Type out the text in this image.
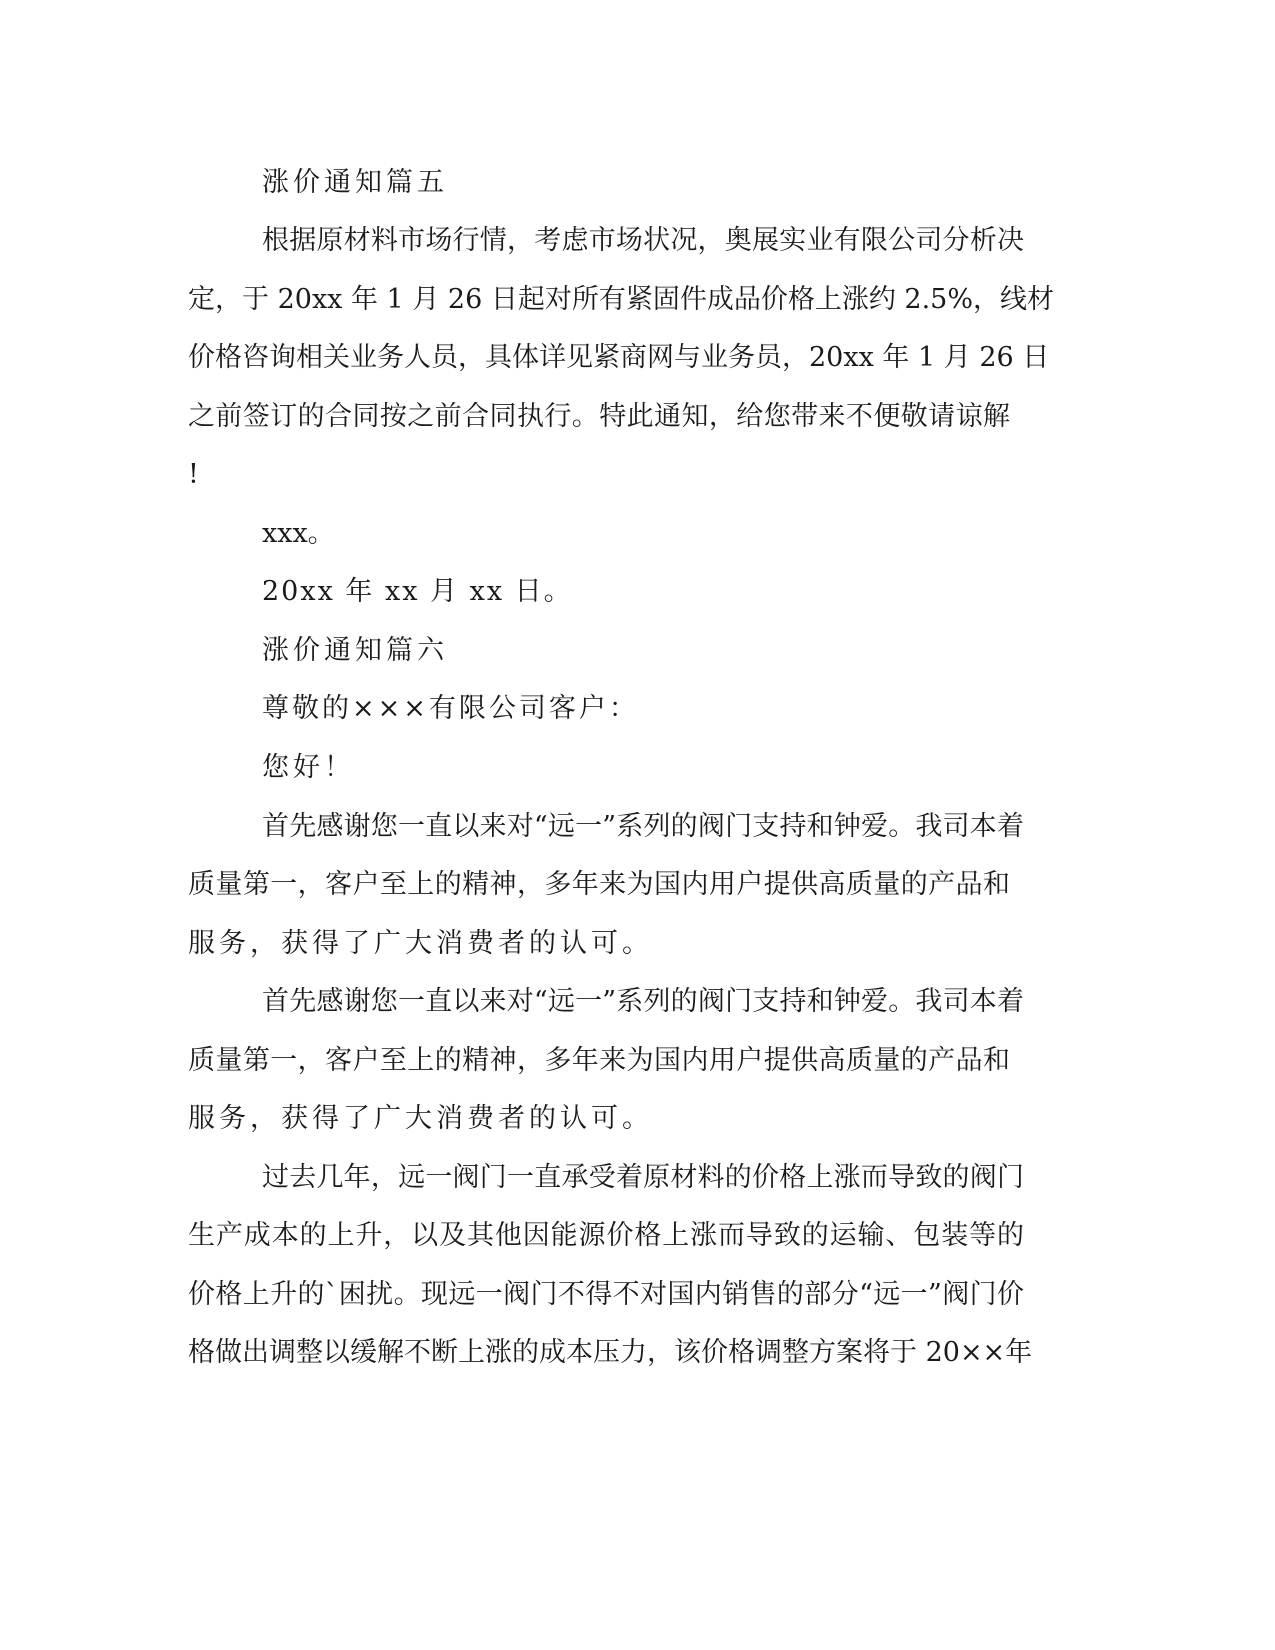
涨价通知篇五
根据原材料市场行情，考虑市场状况，奥展实业有限公司分析决
定，于 20xx 年 1 月 26 日起对所有紧固件成品价格上涨约 2.5%，线材
价格咨询相关业务人员，具体详见紧商网与业务员，20xx 年 1 月 26 日
之前签订的合同按之前合同执行。特此通知，给您带来不便敬请谅解
!
xxx。
20xx 年 xx 月 xx 日。
涨价通知篇六
尊敬的×××有限公司客户：
您好！
首先感谢您一直以来对“远一”系列的阀门支持和钟爱。我司本着
质量第一，客户至上的精神，多年来为国内用户提供高质量的产品和
服务，获得了广大消费者的认可。
首先感谢您一直以来对“远一”系列的阀门支持和钟爱。我司本着
质量第一，客户至上的精神，多年来为国内用户提供高质量的产品和
服务，获得了广大消费者的认可。
过去几年，远一阀门一直承受着原材料的价格上涨而导致的阀门
生产成本的上升，以及其他因能源价格上涨而导致的运输、包装等的
价格上升的`困扰。现远一阀门不得不对国内销售的部分“远一”阀门价
格做出调整以缓解不断上涨的成本压力，该价格调整方案将于 20××年
